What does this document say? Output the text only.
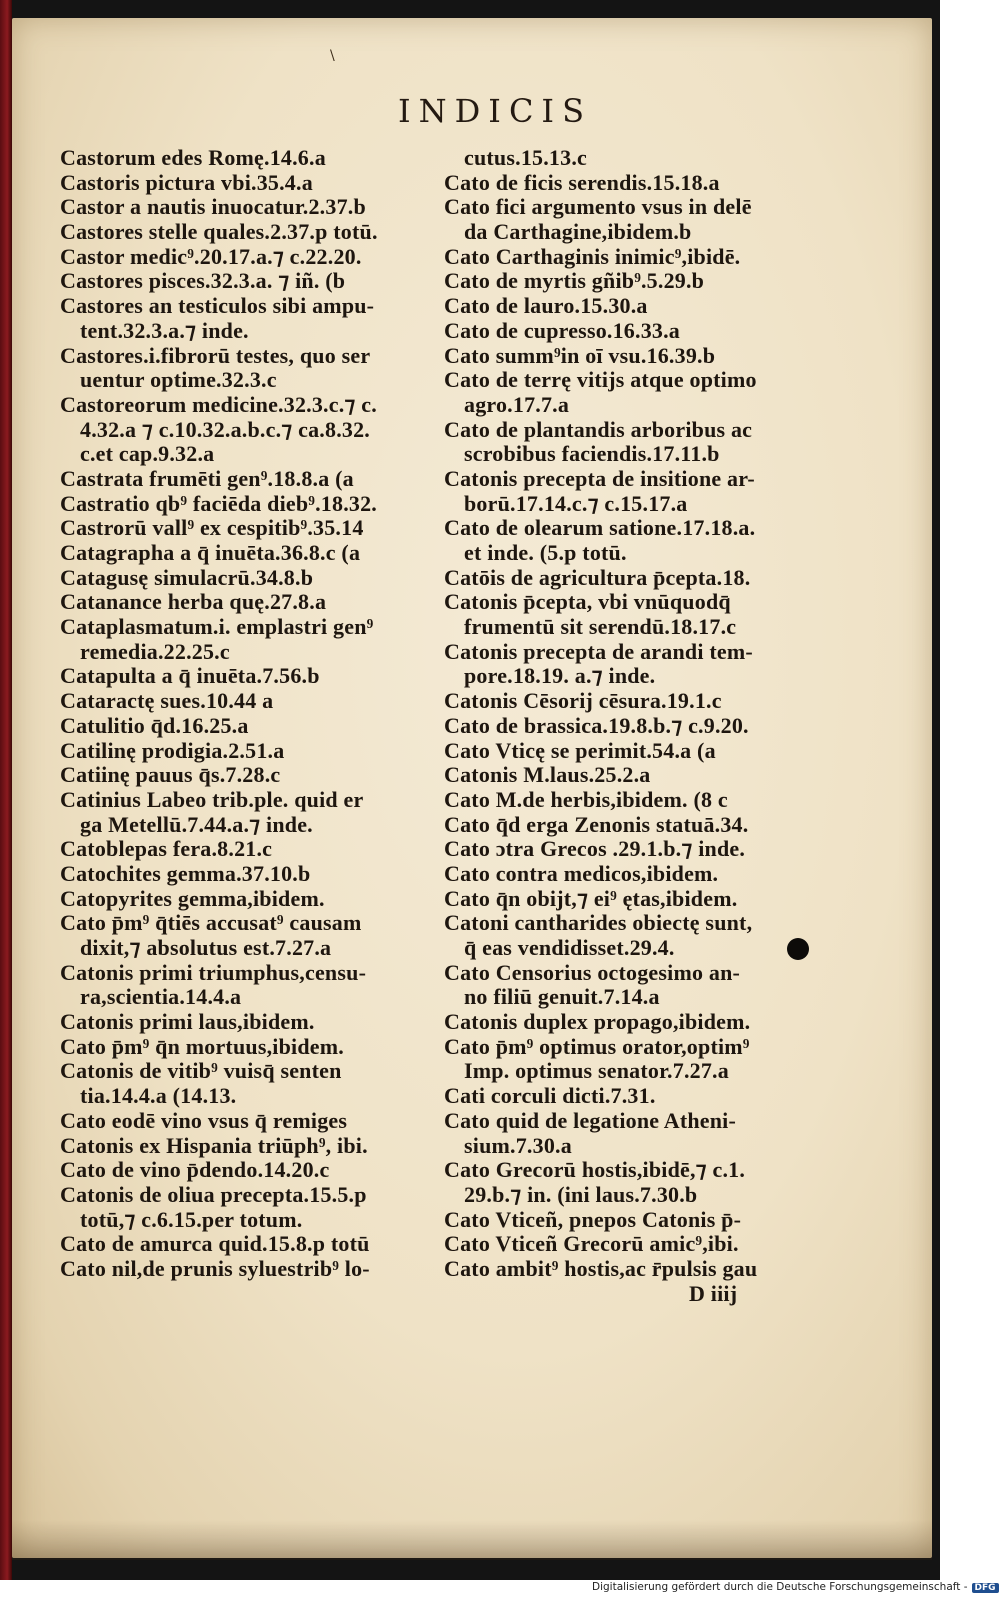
\
INDICIS
Castorum edes Romę.14.6.a
Castoris pictura vbi.35.4.a
Castor a nautis inuocatur.2.37.b
Castores stelle quales.2.37.p totū.
Castor medic⁹.20.17.a.⁊ c.22.20.
Castores pisces.32.3.a. ⁊ iñ. (b
Castores an testiculos sibi ampu-
tent.32.3.a.⁊ inde.
Castores.i.fibrorū testes, quo ser
uentur optime.32.3.c
Castoreorum medicine.32.3.c.⁊ c.
4.32.a ⁊ c.10.32.a.b.c.⁊ ca.8.32.
c.et cap.9.32.a
Castrata frumēti gen⁹.18.8.a (a
Castratio qb⁹ faciēda dieb⁹.18.32.
Castrorū vall⁹ ex cespitib⁹.35.14
Catagrapha a q̄ inuēta.36.8.c (a
Catagusę simulacrū.34.8.b
Catanance herba quę.27.8.a
Cataplasmatum.i. emplastri gen⁹
remedia.22.25.c
Catapulta a q̄ inuēta.7.56.b
Cataractę sues.10.44 a
Catulitio q̄d.16.25.a
Catilinę prodigia.2.51.a
Catiinę pauus q̄s.7.28.c
Catinius Labeo trib.ple. quid er
ga Metellū.7.44.a.⁊ inde.
Catoblepas fera.8.21.c
Catochites gemma.37.10.b
Catopyrites gemma,ibidem.
Cato p̄m⁹ q̄tiēs accusat⁹ causam
dixit,⁊ absolutus est.7.27.a
Catonis primi triumphus,censu-
ra,scientia.14.4.a
Catonis primi laus,ibidem.
Cato p̄m⁹ q̄n mortuus,ibidem.
Catonis de vitib⁹ vuisq̄ senten
tia.14.4.a (14.13.
Cato eodē vino vsus q̄ remiges
Catonis ex Hispania triūph⁹, ibi.
Cato de vino p̄dendo.14.20.c
Catonis de oliua precepta.15.5.p
totū,⁊ c.6.15.per totum.
Cato de amurca quid.15.8.p totū
Cato nil,de prunis syluestrib⁹ lo-
cutus.15.13.c
Cato de ficis serendis.15.18.a
Cato fici argumento vsus in delē
da Carthagine,ibidem.b
Cato Carthaginis inimic⁹,ibidē.
Cato de myrtis gñib⁹.5.29.b
Cato de lauro.15.30.a
Cato de cupresso.16.33.a
Cato summ⁹in oī vsu.16.39.b
Cato de terrę vitijs atque optimo
agro.17.7.a
Cato de plantandis arboribus ac
scrobibus faciendis.17.11.b
Catonis precepta de insitione ar-
borū.17.14.c.⁊ c.15.17.a
Cato de olearum satione.17.18.a.
et inde. (5.p totū.
Catōis de agricultura p̄cepta.18.
Catonis p̄cepta, vbi vnūquodq̄
frumentū sit serendū.18.17.c
Catonis precepta de arandi tem-
pore.18.19. a.⁊ inde.
Catonis Cēsorij cēsura.19.1.c
Cato de brassica.19.8.b.⁊ c.9.20.
Cato Vticę se perimit.54.a (a
Catonis M.laus.25.2.a
Cato M.de herbis,ibidem. (8 c
Cato q̄d erga Zenonis statuā.34.
Cato ɔtra Grecos .29.1.b.⁊ inde.
Cato contra medicos,ibidem.
Cato q̄n obijt,⁊ ei⁹ ętas,ibidem.
Catoni cantharides obiectę sunt,
q̄ eas vendidisset.29.4.
Cato Censorius octogesimo an-
no filiū genuit.7.14.a
Catonis duplex propago,ibidem.
Cato p̄m⁹ optimus orator,optim⁹
Imp. optimus senator.7.27.a
Cati corculi dicti.7.31.
Cato quid de legatione Atheni-
sium.7.30.a
Cato Grecorū hostis,ibidē,⁊ c.1.
29.b.⁊ in. (ini laus.7.30.b
Cato Vticeñ, pnepos Catonis p̄-
Cato Vticeñ Grecorū amic⁹,ibi.
Cato ambit⁹ hostis,ac r̄pulsis gau
D iiij
Digitalisierung gefördert durch die Deutsche Forschungsgemeinschaft - DFG
